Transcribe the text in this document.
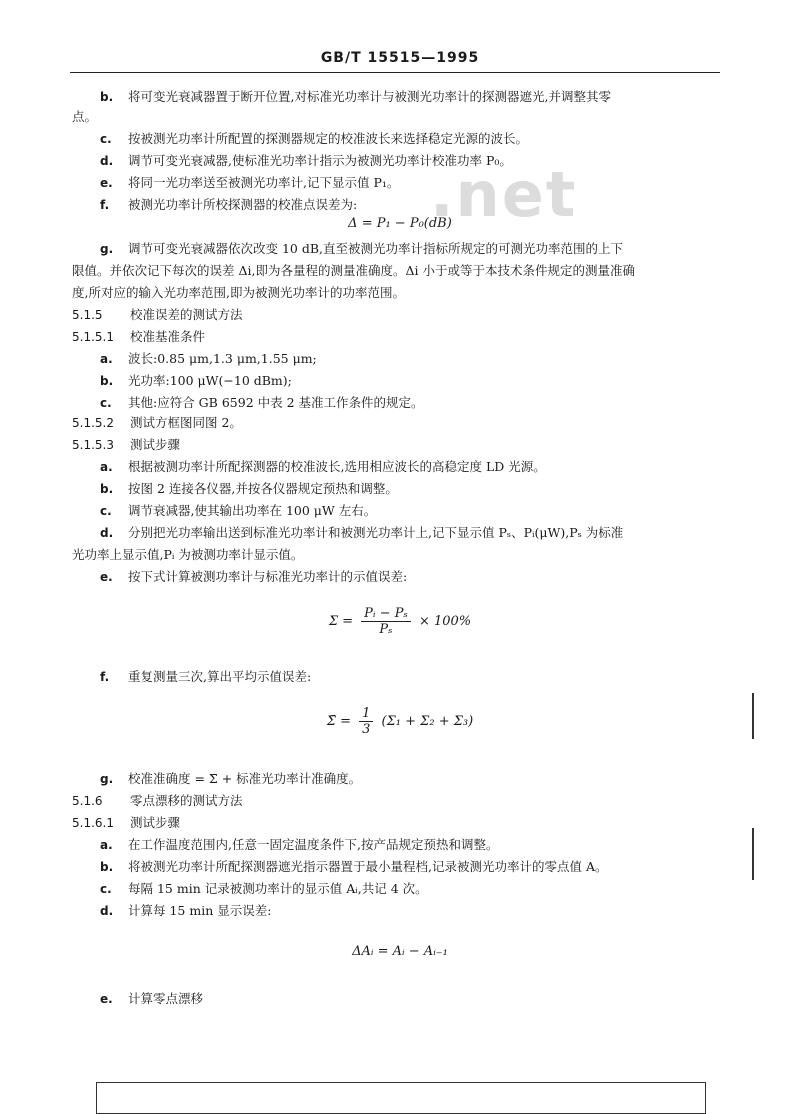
GB/T 15515—1995
.net
b. 将可变光衰减器置于断开位置,对标准光功率计与被测光功率计的探测器遮光,并调整其零
点。
c. 按被测光功率计所配置的探测器规定的校准波长来选择稳定光源的波长。
d. 调节可变光衰减器,使标准光功率计指示为被测光功率计校准功率 P₀。
e. 将同一光功率送至被测光功率计,记下显示值 P₁。
f. 被测光功率计所校探测器的校准点误差为:
Δ = P₁ − P₀(dB)
g. 调节可变光衰减器依次改变 10 dB,直至被测光功率计指标所规定的可测光功率范围的上下
限值。并依次记下每次的误差 Δi,即为各量程的测量准确度。Δi 小于或等于本技术条件规定的测量准确
度,所对应的输入光功率范围,即为被测光功率计的功率范围。
5.1.5 校准误差的测试方法
5.1.5.1 校准基准条件
a. 波长:0.85 μm,1.3 μm,1.55 μm;
b. 光功率:100 μW(−10 dBm);
c. 其他:应符合 GB 6592 中表 2 基准工作条件的规定。
5.1.5.2 测试方框图同图 2。
5.1.5.3 测试步骤
a. 根据被测功率计所配探测器的校准波长,选用相应波长的高稳定度 LD 光源。
b. 按图 2 连接各仪器,并按各仪器规定预热和调整。
c. 调节衰减器,使其输出功率在 100 μW 左右。
d. 分别把光功率输出送到标准光功率计和被测光功率计上,记下显示值 Pₛ、Pᵢ(μW),Pₛ 为标准
光功率上显示值,Pᵢ 为被测功率计显示值。
e. 按下式计算被测功率计与标准光功率计的示值误差:
$\Sigma = \frac{\text{Pᵢ − Pₛ}}{\text{Pₛ}} \times 100\%$
f. 重复测量三次,算出平均示值误差:
Σ̄ = $\frac{1}{3} (\Sigma_1 + \Sigma_2 + \Sigma_3)$
g. 校准准确度 = Σ̄ + 标准光功率计准确度。
5.1.6 零点漂移的测试方法
5.1.6.1 测试步骤
a. 在工作温度范围内,任意一固定温度条件下,按产品规定预热和调整。
b. 将被测光功率计所配探测器遮光指示器置于最小量程档,记录被测光功率计的零点值 A。
c. 每隔 15 min 记录被测功率计的显示值 Aᵢ,共记 4 次。
d. 计算每 15 min 显示误差:
ΔAᵢ = Aᵢ − Aᵢ₋₁
e. 计算零点漂移
